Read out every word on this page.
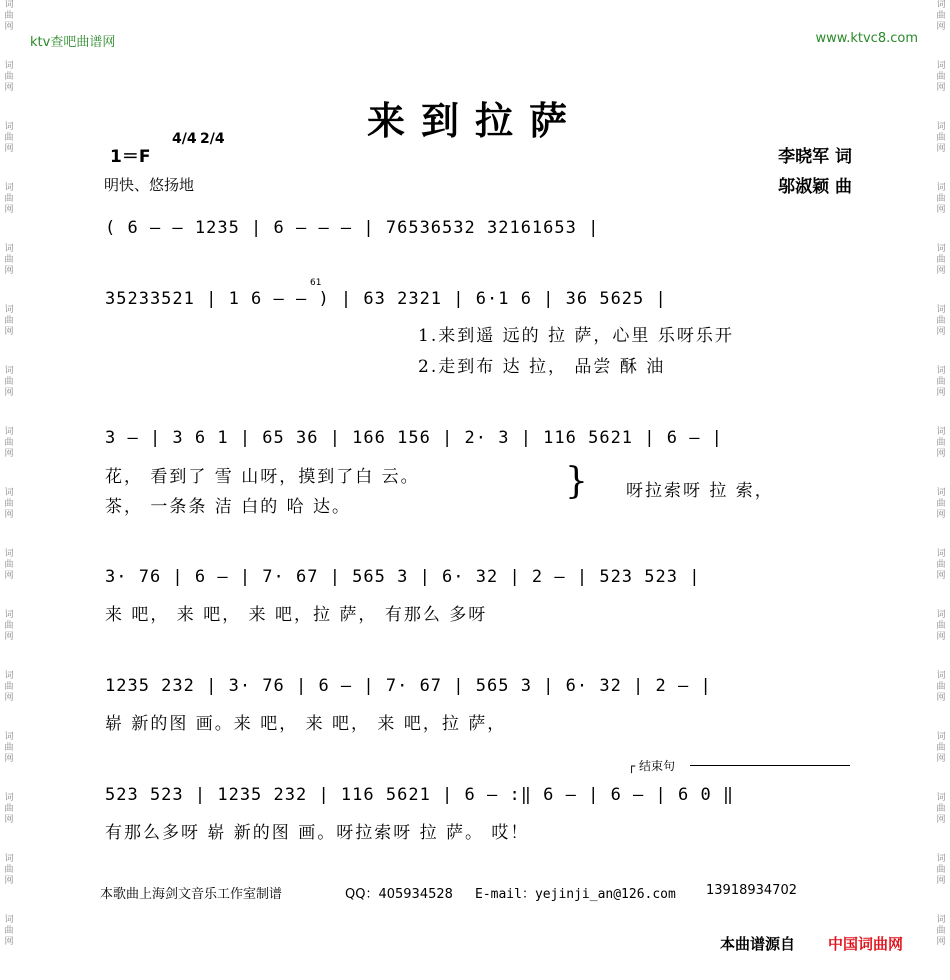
词
曲
网
词
曲
网
词
曲
网
词
曲
网
词
曲
网
词
曲
网
词
曲
网
词
曲
网
词
曲
网
词
曲
网
词
曲
网
词
曲
网
词
曲
网
词
曲
网
词
曲
网
词
曲
网
词
曲
网
词
曲
网
词
曲
网
词
曲
网
词
曲
网
词
曲
网
词
曲
网
词
曲
网
词
曲
网
词
曲
网
词
曲
网
词
曲
网
词
曲
网
词
曲
网
词
曲
网
词
曲
网
ktv查吧曲谱网	www.ktvc8.com
来到拉萨
1＝F
4/4 2/4
明快、悠扬地
李晓军 词
邬淑颖 曲
( 6 – – 1235 | 6 – – – | 76536532 32161653 |
35233521 | 1 6 – – ) | 63 2321 | 6·1 6 | 36 5625 |
61
1.来到遥 远的 拉 萨，心里 乐呀乐开
2.走到布 达 拉， 品尝 酥 油
3 – | 3 6 1 | 65 36 | 166 156 | 2· 3 | 116 5621 | 6 – |
花， 看到了 雪 山呀，摸到了白 云。
茶， 一条条 洁 白的 哈 达。
} 呀拉索呀 拉 索，
3· 76 | 6 – | 7· 67 | 565 3 | 6· 32 | 2 – | 523 523 |
来 吧， 来 吧， 来 吧，拉 萨， 有那么 多呀
1235 232 | 3· 76 | 6 – | 7· 67 | 565 3 | 6· 32 | 2 – |
崭 新的图 画。来 吧， 来 吧， 来 吧，拉 萨，
┌ 结束句
523 523 | 1235 232 | 116 5621 | 6 – :‖ 6 – | 6 – | 6 0 ‖
有那么多呀 崭 新的图 画。呀拉索呀 拉 萨。 哎！
本歌曲上海剑文音乐工作室制谱	QQ：405934528 E-mail：yejinji_an@126.com 13918934702
本曲谱源自 中国词曲网
